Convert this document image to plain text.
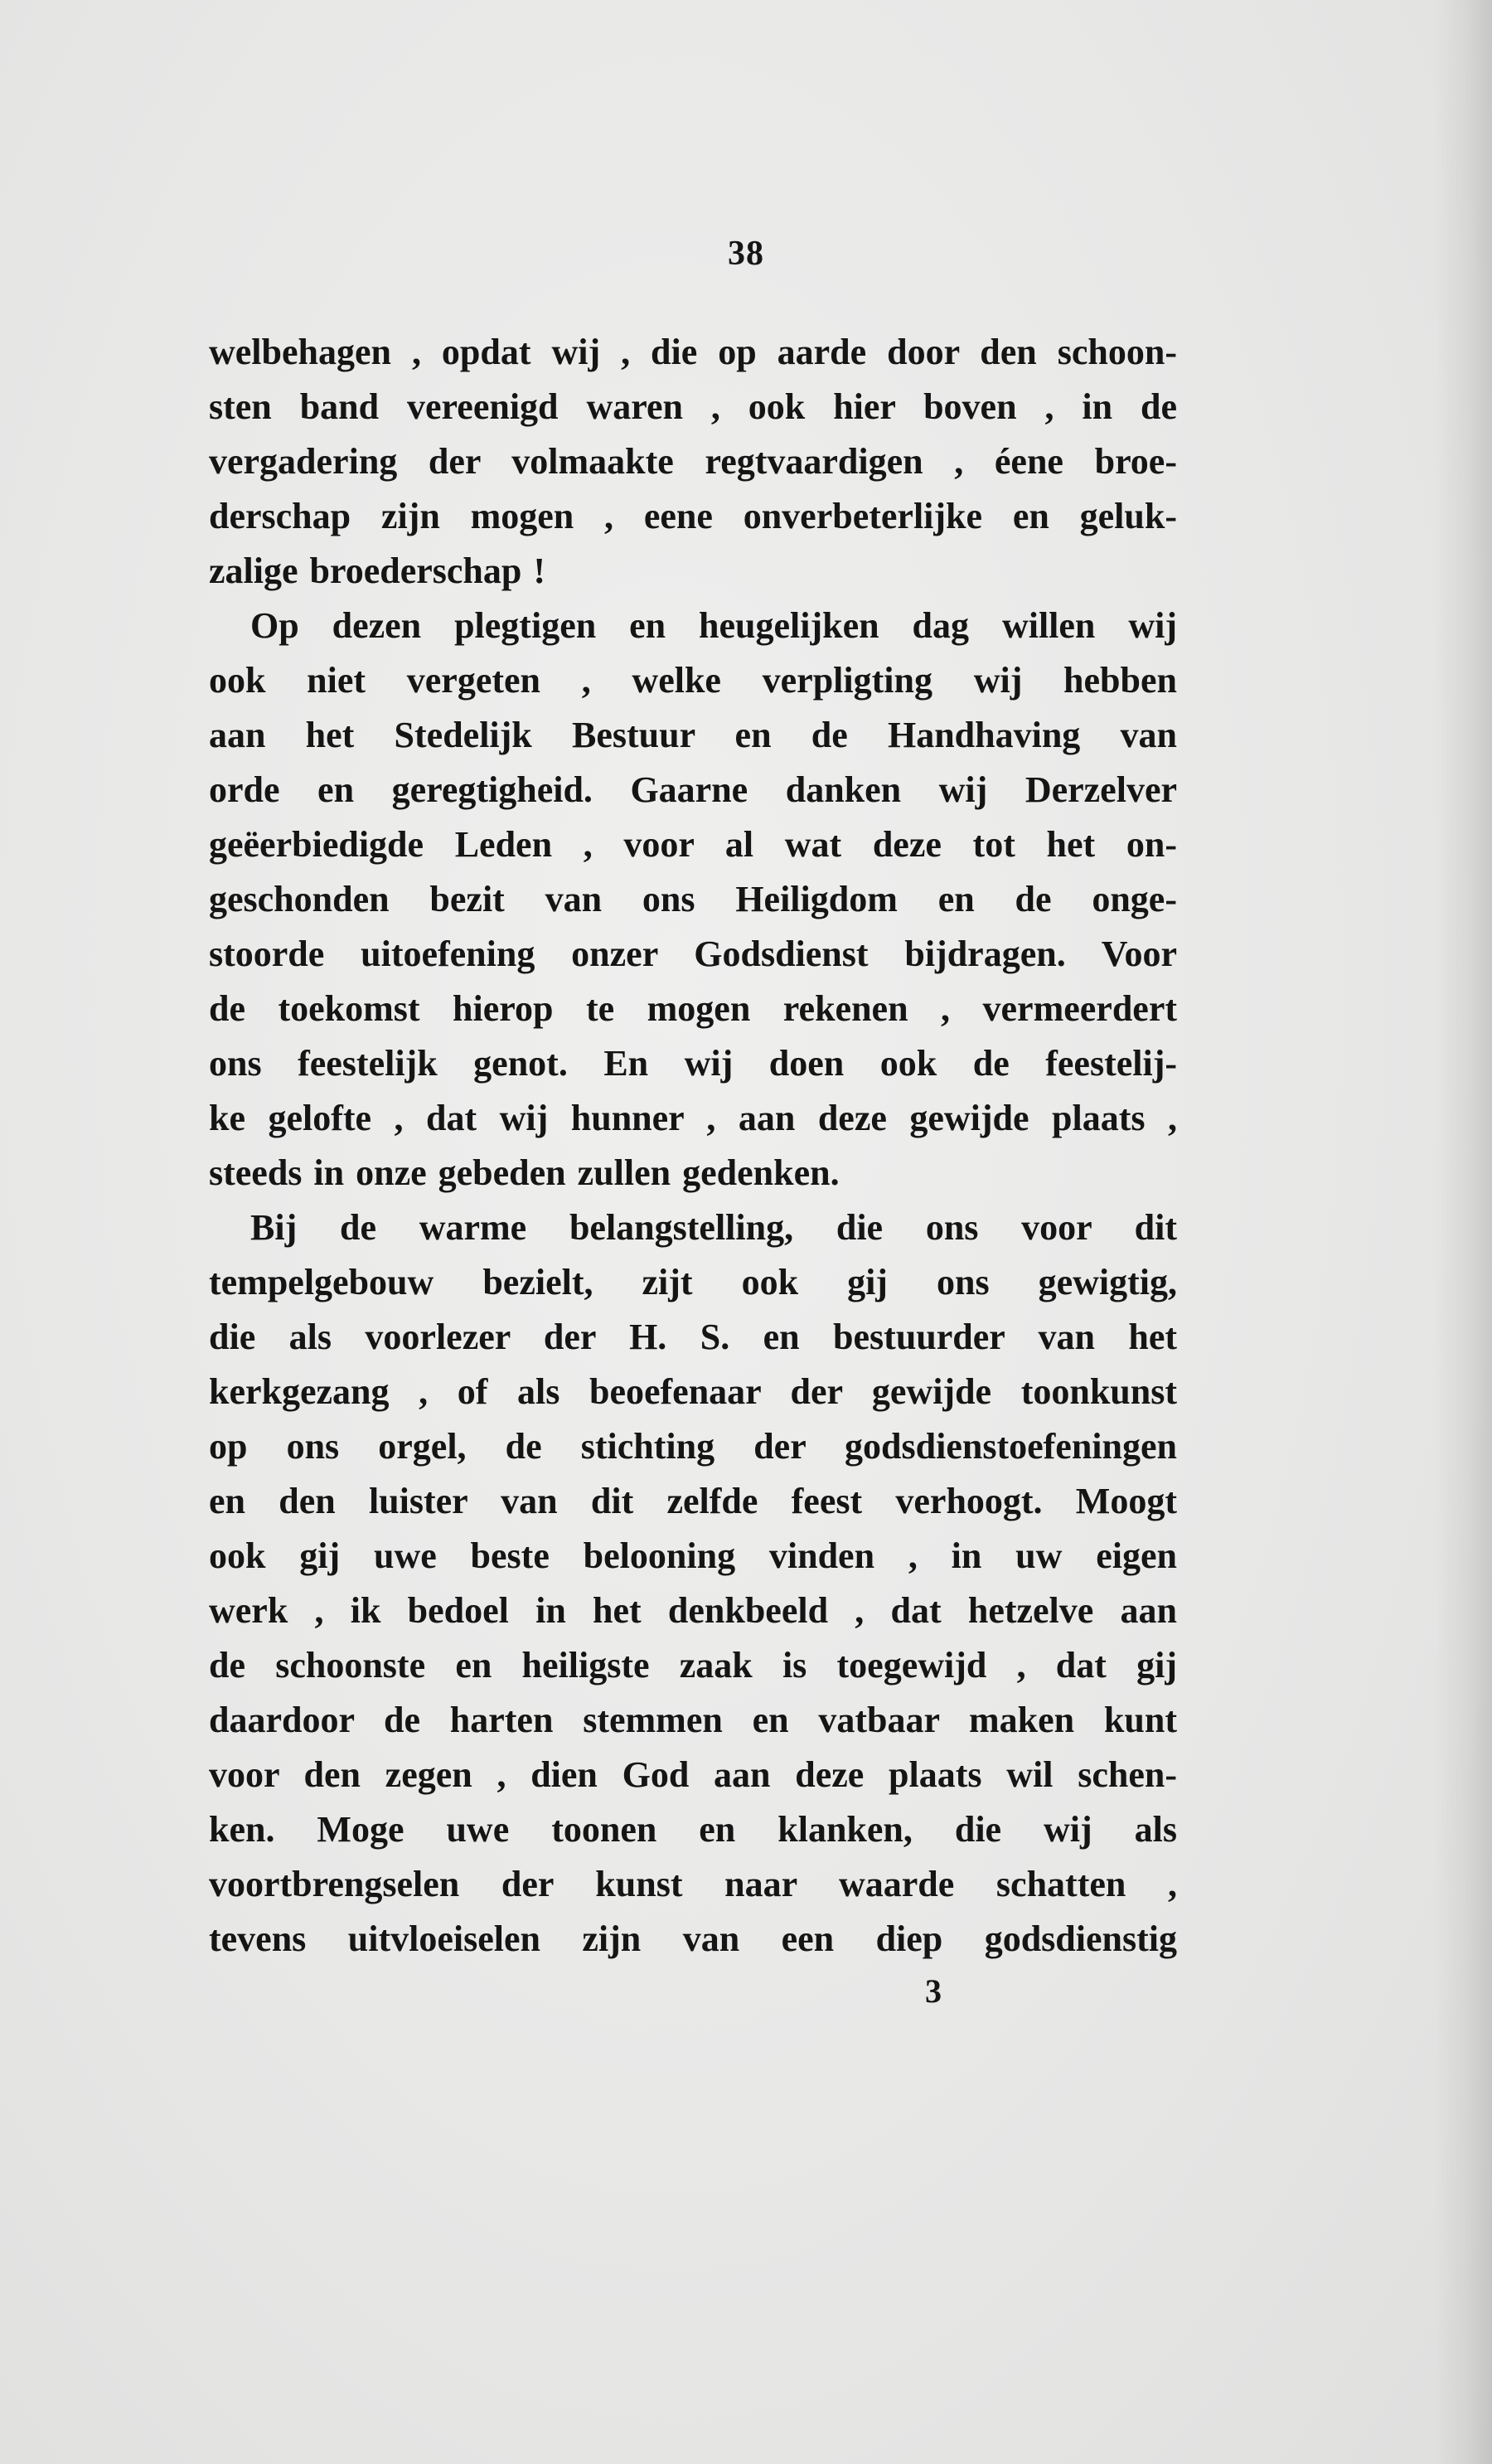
38
welbehagen , opdat wij , die op aarde door den schoon-
sten band vereenigd waren , ook hier boven , in de
vergadering der volmaakte regtvaardigen , éene broe-
derschap zijn mogen , eene onverbeterlijke en geluk-
zalige broederschap !
Op dezen plegtigen en heugelijken dag willen wij
ook niet vergeten , welke verpligting wij hebben
aan het Stedelijk Bestuur en de Handhaving van
orde en geregtigheid. Gaarne danken wij Derzelver
geëerbiedigde Leden , voor al wat deze tot het on-
geschonden bezit van ons Heiligdom en de onge-
stoorde uitoefening onzer Godsdienst bijdragen. Voor
de toekomst hierop te mogen rekenen , vermeerdert
ons feestelijk genot. En wij doen ook de feestelij-
ke gelofte , dat wij hunner , aan deze gewijde plaats ,
steeds in onze gebeden zullen gedenken.
Bij de warme belangstelling, die ons voor dit
tempelgebouw bezielt, zijt ook gij ons gewigtig,
die als voorlezer der H. S. en bestuurder van het
kerkgezang , of als beoefenaar der gewijde toonkunst
op ons orgel, de stichting der godsdienstoefeningen
en den luister van dit zelfde feest verhoogt. Moogt
ook gij uwe beste belooning vinden , in uw eigen
werk , ik bedoel in het denkbeeld , dat hetzelve aan
de schoonste en heiligste zaak is toegewijd , dat gij
daardoor de harten stemmen en vatbaar maken kunt
voor den zegen , dien God aan deze plaats wil schen-
ken. Moge uwe toonen en klanken, die wij als
voortbrengselen der kunst naar waarde schatten ,
tevens uitvloeiselen zijn van een diep godsdienstig
3
